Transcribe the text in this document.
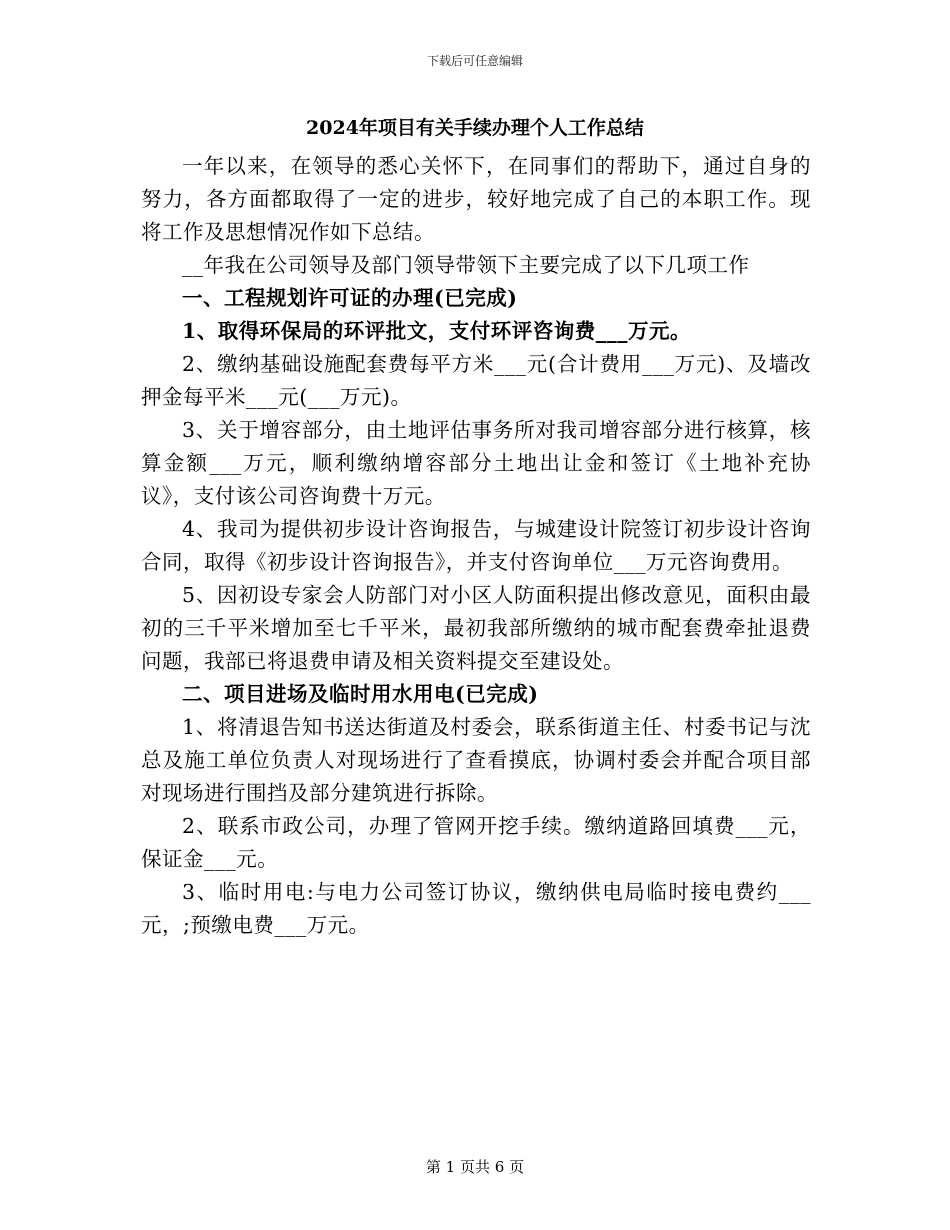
下载后可任意编辑
2024年项目有关手续办理个人工作总结

一年以来，在领导的悉心关怀下，在同事们的帮助下，通过自身的努力，各方面都取得了一定的进步，较好地完成了自己的本职工作。现将工作及思想情况作如下总结。

__年我在公司领导及部门领导带领下主要完成了以下几项工作

一、工程规划许可证的办理(已完成)

1、取得环保局的环评批文，支付环评咨询费___万元。

2、缴纳基础设施配套费每平方米___元(合计费用___万元)、及墙改押金每平米___元(___万元)。

3、关于增容部分，由土地评估事务所对我司增容部分进行核算，核算金额___万元，顺利缴纳增容部分土地出让金和签订《土地补充协议》，支付该公司咨询费十万元。

4、我司为提供初步设计咨询报告，与城建设计院签订初步设计咨询合同，取得《初步设计咨询报告》，并支付咨询单位___万元咨询费用。

5、因初设专家会人防部门对小区人防面积提出修改意见，面积由最初的三千平米增加至七千平米，最初我部所缴纳的城市配套费牵扯退费问题，我部已将退费申请及相关资料提交至建设处。

二、项目进场及临时用水用电(已完成)

1、将清退告知书送达街道及村委会，联系街道主任、村委书记与沈总及施工单位负责人对现场进行了查看摸底，协调村委会并配合项目部对现场进行围挡及部分建筑进行拆除。

2、联系市政公司，办理了管网开挖手续。缴纳道路回填费___元，保证金___元。

3、临时用电:与电力公司签订协议，缴纳供电局临时接电费约___元，;预缴电费___万元。

第 1 页共 6 页
